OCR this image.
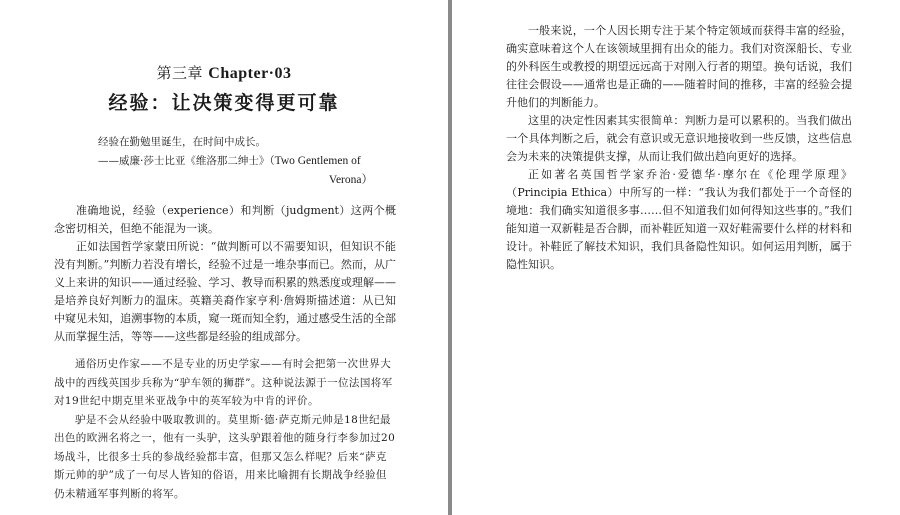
第三章 Chapter·03
经验：让决策变得更可靠
经验在勤勉里诞生，在时间中成长。
——威廉·莎士比亚《维洛那二绅士》（Two Gentlemen of
Verona）

准确地说，经验（experience）和判断（judgment）这两个概念密切相关，但绝不能混为一谈。

正如法国哲学家蒙田所说：“做判断可以不需要知识，但知识不能没有判断。”判断力若没有增长，经验不过是一堆杂事而已。然而，从广义上来讲的知识——通过经验、学习、教导而积累的熟悉度或理解——是培养良好判断力的温床。英籍美裔作家亨利·詹姆斯描述道：从已知中窥见未知，追溯事物的本质，窥一斑而知全豹，通过感受生活的全部从而掌握生活，等等——这些都是经验的组成部分。

通俗历史作家——不是专业的历史学家——有时会把第一次世界大战中的西线英国步兵称为“驴车领的狮群”。这种说法源于一位法国将军对19世纪中期克里米亚战争中的英军较为中肯的评价。

驴是不会从经验中吸取教训的。莫里斯·德·萨克斯元帅是18世纪最出色的欧洲名将之一，他有一头驴，这头驴跟着他的随身行李参加过20场战斗，比很多士兵的参战经验都丰富，但那又怎么样呢？后来“萨克斯元帅的驴”成了一句尽人皆知的俗语，用来比喻拥有长期战争经验但仍未精通军事判断的将军。

一般来说，一个人因长期专注于某个特定领域而获得丰富的经验，确实意味着这个人在该领域里拥有出众的能力。我们对资深船长、专业的外科医生或教授的期望远远高于对刚入行者的期望。换句话说，我们往往会假设——通常也是正确的——随着时间的推移，丰富的经验会提升他们的判断能力。

这里的决定性因素其实很简单：判断力是可以累积的。当我们做出一个具体判断之后，就会有意识或无意识地接收到一些反馈，这些信息会为未来的决策提供支撑，从而让我们做出趋向更好的选择。

正如著名英国哲学家乔治·爱德华·摩尔在《伦理学原理》（Principia Ethica）中所写的一样：“我认为我们都处于一个奇怪的境地：我们确实知道很多事……但不知道我们如何得知这些事的。”我们能知道一双新鞋是否合脚，而补鞋匠知道一双好鞋需要什么样的材料和设计。补鞋匠了解技术知识，我们具备隐性知识。如何运用判断，属于隐性知识。
